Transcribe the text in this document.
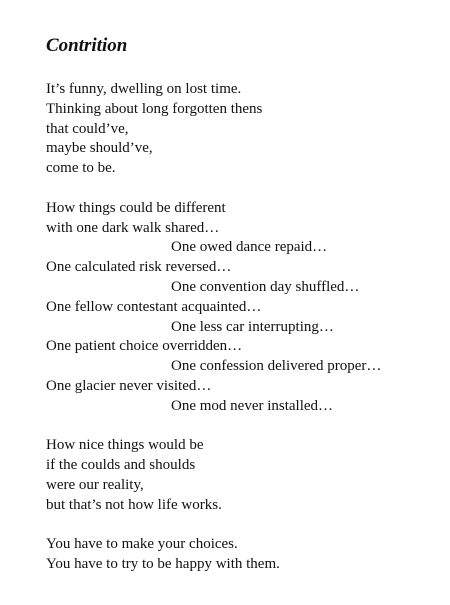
Contrition
It’s funny, dwelling on lost time.
Thinking about long forgotten thens
that could’ve,
maybe should’ve,
come to be.
How things could be different
with one dark walk shared…
One owed dance repaid…
One calculated risk reversed…
One convention day shuffled…
One fellow contestant acquainted…
One less car interrupting…
One patient choice overridden…
One confession delivered proper…
One glacier never visited…
One mod never installed…
How nice things would be
if the coulds and shoulds
were our reality,
but that’s not how life works.
You have to make your choices.
You have to try to be happy with them.
